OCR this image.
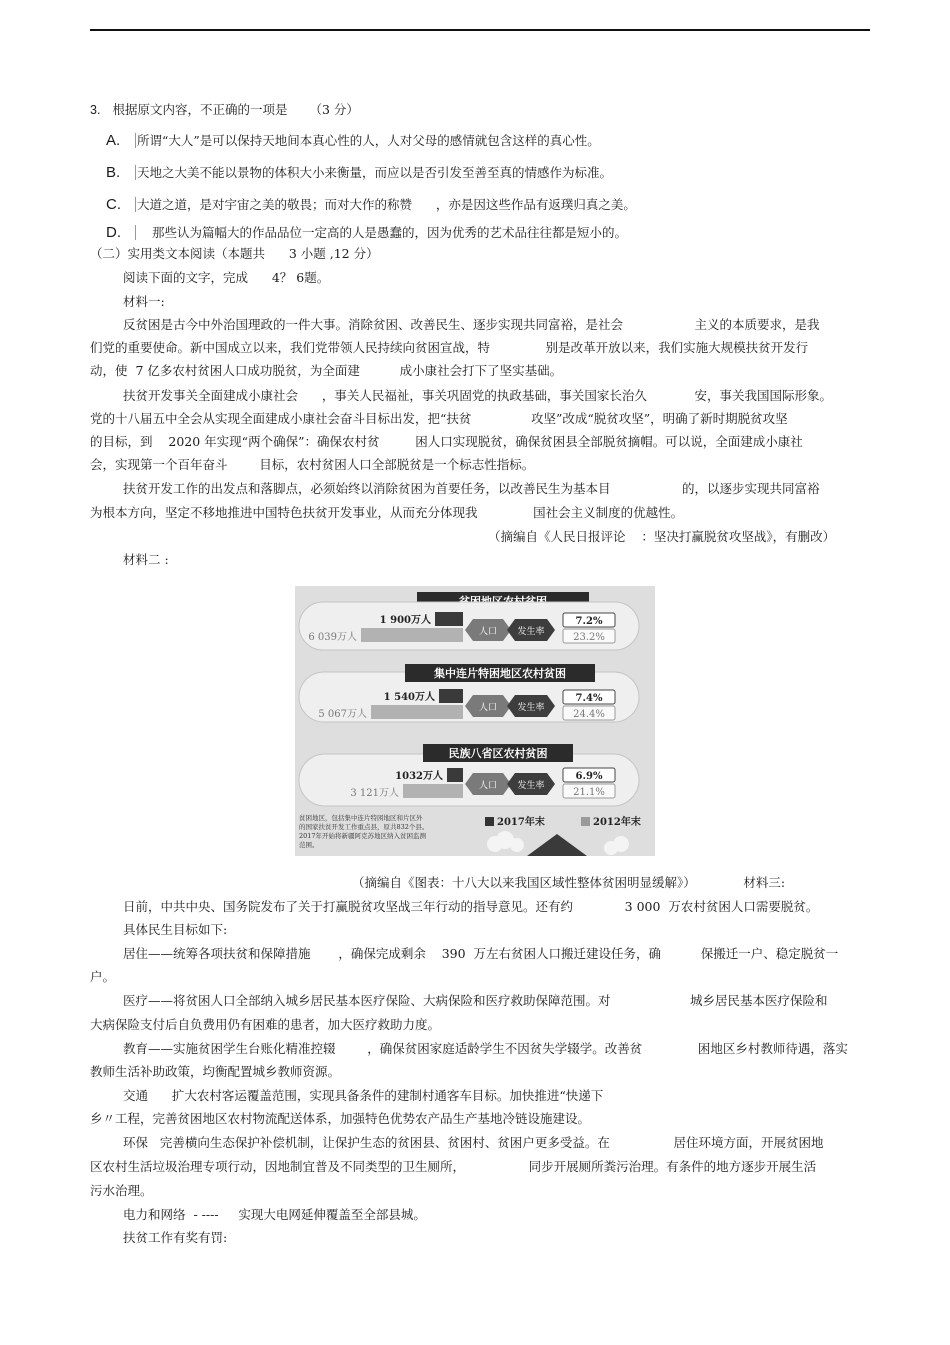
3. 根据原文内容，不正确的一项是 （3 分）
A. 所谓“大人”是可以保持天地间本真心性的人，人对父母的感情就包含这样的真心性。
B. 天地之大美不能以景物的体积大小来衡量，而应以是否引发至善至真的情感作为标准。
C. 大道之道，是对宇宙之美的敬畏；而对大作的称赞      ，亦是因这些作品有返璞归真之美。
D. 那些认为篇幅大的作品品位一定高的人是愚蠢的，因为优秀的艺术品往往都是短小的。
（二）实用类文本阅读（本题共      3 小题 ,12 分）
阅读下面的文字，完成      4？ 6题。
材料一:
反贫困是古今中外治国理政的一件大事。消除贫困、改善民生、逐步实现共同富裕，是社会                  主义的本质要求，是我
们党的重要使命。新中国成立以来，我们党带领人民持续向贫困宣战，特              别是改革开放以来，我们实施大规模扶贫开发行
动，使  7 亿多农村贫困人口成功脱贫，为全面建          成小康社会打下了坚实基础。
扶贫开发事关全面建成小康社会      ，事关人民福祉，事关巩固党的执政基础，事关国家长治久            安，事关我国国际形象。
党的十八届五中全会从实现全面建成小康社会奋斗目标出发，把“扶贫               攻坚”改成“脱贫攻坚”，明确了新时期脱贫攻坚
的目标，到    2020 年实现“两个确保”：确保农村贫         困人口实现脱贫，确保贫困县全部脱贫摘帽。可以说，全面建成小康社
会，实现第一个百年奋斗        目标，农村贫困人口全部脱贫是一个标志性指标。
扶贫开发工作的出发点和落脚点，必须始终以消除贫困为首要任务，以改善民生为基本目                  的，以逐步实现共同富裕
为根本方向，坚定不移地推进中国特色扶贫开发事业，从而充分体现我              国社会主义制度的优越性。
（摘编自《人民日报评论    ：坚决打赢脱贫攻坚战》，有删改）
材料二 :
1 900万人
6 039万人	人口 发生率
7.2%
23.2%
集中连片特困地区农村贫困
1 540万人
5 067万人
人口 发生率
7.4%
24.4%
民族八省区农村贫困
1032万人
3 121万人
人口 发生率
6.9%
21.1%
贫困地区，包括集中连片特困地区和片区外
的国家扶贫开发工作重点县，原共832个县。
2017年开始将新疆阿克苏地区纳入贫困监测
范围。
2017年末	2012年末
（摘编自《图表：十八大以来我国区域性整体贫困明显缓解》）            材料三:
日前，中共中央、国务院发布了关于打赢脱贫攻坚战三年行动的指导意见。还有约             3 000  万农村贫困人口需要脱贫。
具体民生目标如下:
居住——统筹各项扶贫和保障措施       ，确保完成剩余    390  万左右贫困人口搬迁建设任务，确          保搬迁一户、稳定脱贫一
户。
医疗——将贫困人口全部纳入城乡居民基本医疗保险、大病保险和医疗救助保障范围。对                    城乡居民基本医疗保险和
大病保险支付后自负费用仍有困难的患者，加大医疗救助力度。
教育——实施贫困学生台账化精准控辍        ，确保贫困家庭适龄学生不因贫失学辍学。改善贫              困地区乡村教师待遇，落实
教师生活补助政策，均衡配置城乡教师资源。
交通      扩大农村客运覆盖范围，实现具备条件的建制村通客车目标。加快推进“快递下
乡〃工程，完善贫困地区农村物流配送体系，加强特色优势农产品生产基地冷链设施建设。
环保   完善横向生态保护补偿机制，让保护生态的贫困县、贫困村、贫困户更多受益。在                居住环境方面，开展贫困地
区农村生活垃圾治理专项行动，因地制宜普及不同类型的卫生厕所，                同步开展厕所粪污治理。有条件的地方逐步开展生活
污水治理。
电力和网络  - ----     实现大电网延伸覆盖至全部县城。
扶贫工作有奖有罚:
